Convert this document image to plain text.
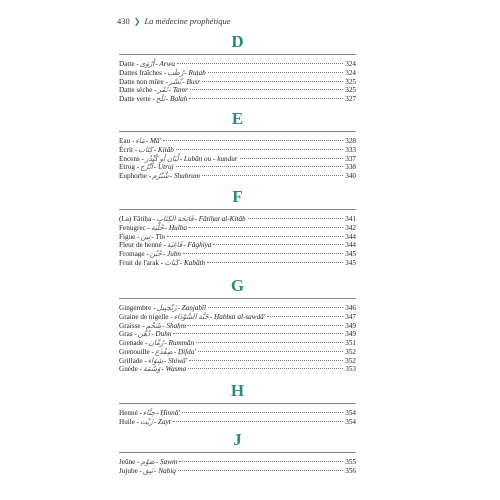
430 ❯ La médecine prophétique
D
Datte - أَرْوَى - Arwa	324
Dattes fraîches - رُطَب - Ruṭab	324
Datte non mûre - بُسْر - Busr	325
Datte sèche - تَمْر - Tamr	325
Datte verte - بَلَح - Balaḥ	327
E
Eau - مَاء - Mā'	328
Écrit - كِتَاب - Kitāb	333
Encens - لُبَان أو كُنْدُر - Lubān ou - kundur	337
Etrog - أُتْرُج - Utruj	338
Euphorbe - شُبْرُم - Shubrum	340
F
(La) Fātiḥa - فَاتِحَة الكِتَاب - Fātiḥat al-Kitāb	341
Fenugrec - حُلْبَة - Ḥulba	342
Figue - تِين - Tīn	344
Fleur de henné - فَاغِيَة - Fāghiya	344
Fromage - جُبْن - Jubn	345
Fruit de l'arak - كَبَاث - Kabāth	345
G
Gingembre - زَنْجَبِيل - Zanjabīl	346
Graine de nigelle - حَبَّة السَّوْدَاء - Ḥabbat al-sawdā'	347
Graisse - شَحْم - Shaḥm	349
Gras - دُهْن - Duhn	349
Grenade - رُمَّان - Rummān	351
Grenouille - ضِفْدَع - Ḍifda'	352
Grillade - شِوَاء - Shiwā'	352
Guède - وَسْمَة - Wasma	353
H
Henné - حِنَّاء - Ḥinnā'	354
Huile - زَيْت - Zayt	354
J
Jeûne - صَوْم - Ṣawm	355
Jujube - نَبِق - Nabiq	356
